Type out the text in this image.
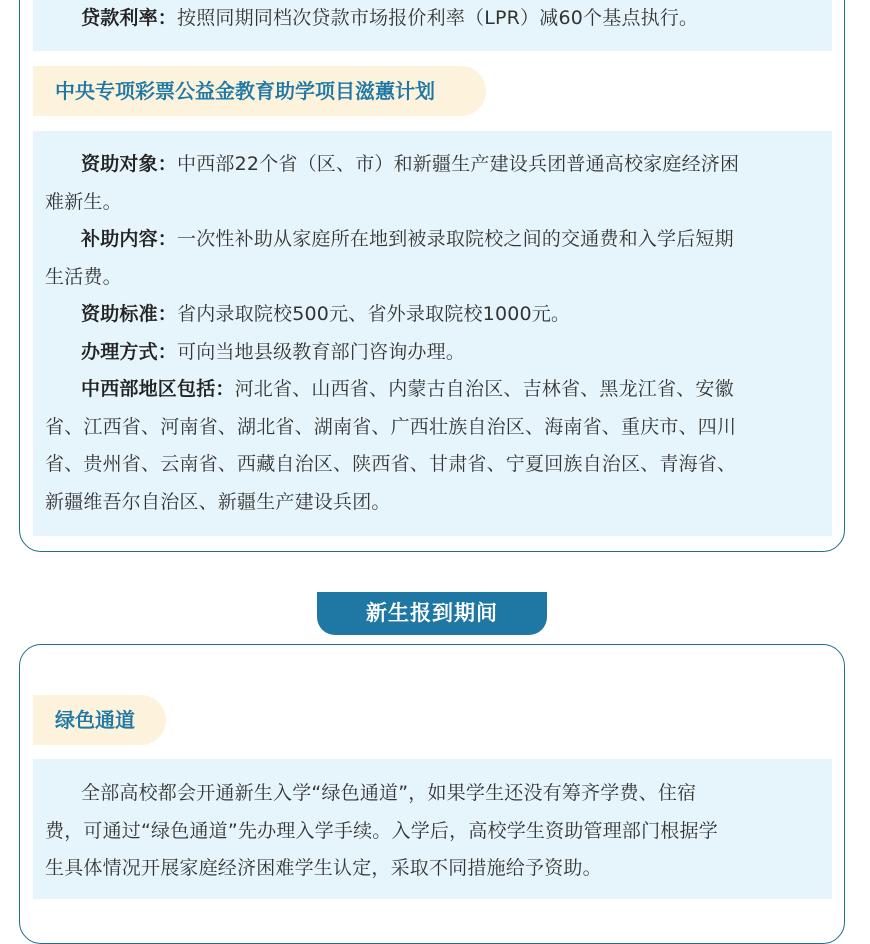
贷款利率：按照同期同档次贷款市场报价利率（LPR）减60个基点执行。
中央专项彩票公益金教育助学项目滋蕙计划
资助对象：中西部22个省（区、市）和新疆生产建设兵团普通高校家庭经济困
难新生。
补助内容：一次性补助从家庭所在地到被录取院校之间的交通费和入学后短期
生活费。
资助标准：省内录取院校500元、省外录取院校1000元。
办理方式：可向当地县级教育部门咨询办理。
中西部地区包括：河北省、山西省、内蒙古自治区、吉林省、黑龙江省、安徽
省、江西省、河南省、湖北省、湖南省、广西壮族自治区、海南省、重庆市、四川
省、贵州省、云南省、西藏自治区、陕西省、甘肃省、宁夏回族自治区、青海省、
新疆维吾尔自治区、新疆生产建设兵团。
新生报到期间
绿色通道
全部高校都会开通新生入学“绿色通道”，如果学生还没有筹齐学费、住宿
费，可通过“绿色通道”先办理入学手续。入学后，高校学生资助管理部门根据学
生具体情况开展家庭经济困难学生认定，采取不同措施给予资助。
